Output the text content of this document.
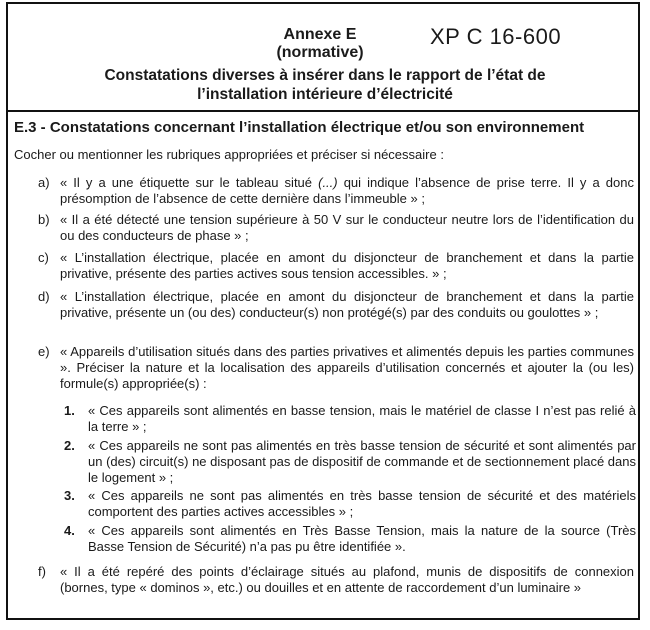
Annexe E
(normative)
XP C 16-600
Constatations diverses à insérer dans le rapport de l’état de
l’installation intérieure d’électricité
E.3 - Constatations concernant l’installation électrique et/ou son environnement
Cocher ou mentionner les rubriques appropriées et préciser si nécessaire :
a) « Il y a une étiquette sur le tableau situé (...) qui indique l’absence de prise terre. Il y a donc présomption de l’absence de cette dernière dans l’immeuble » ;
b) « Il a été détecté une tension supérieure à 50 V sur le conducteur neutre lors de l’identification du ou des conducteurs de phase » ;
c) « L’installation électrique, placée en amont du disjoncteur de branchement et dans la partie privative, présente des parties actives sous tension accessibles. » ;
d) « L’installation électrique, placée en amont du disjoncteur de branchement et dans la partie privative, présente un (ou des) conducteur(s) non protégé(s) par des conduits ou goulottes » ;
e) « Appareils d’utilisation situés dans des parties privatives et alimentés depuis les parties communes ». Préciser la nature et la localisation des appareils d’utilisation concernés et ajouter la (ou les) formule(s) appropriée(s) :
1.	« Ces appareils sont alimentés en basse tension, mais le matériel de classe I n’est pas relié à la terre » ;
2.	« Ces appareils ne sont pas alimentés en très basse tension de sécurité et sont alimentés par un (des) circuit(s) ne disposant pas de dispositif de commande et de sectionnement placé dans le logement » ;
3.	« Ces appareils ne sont pas alimentés en très basse tension de sécurité et des matériels comportent des parties actives accessibles » ;
4.	« Ces appareils sont alimentés en Très Basse Tension, mais la nature de la source (Très Basse Tension de Sécurité) n’a pas pu être identifiée ».
f)	« Il a été repéré des points d’éclairage situés au plafond, munis de dispositifs de connexion (bornes, type « dominos », etc.) ou douilles et en attente de raccordement d’un luminaire »
